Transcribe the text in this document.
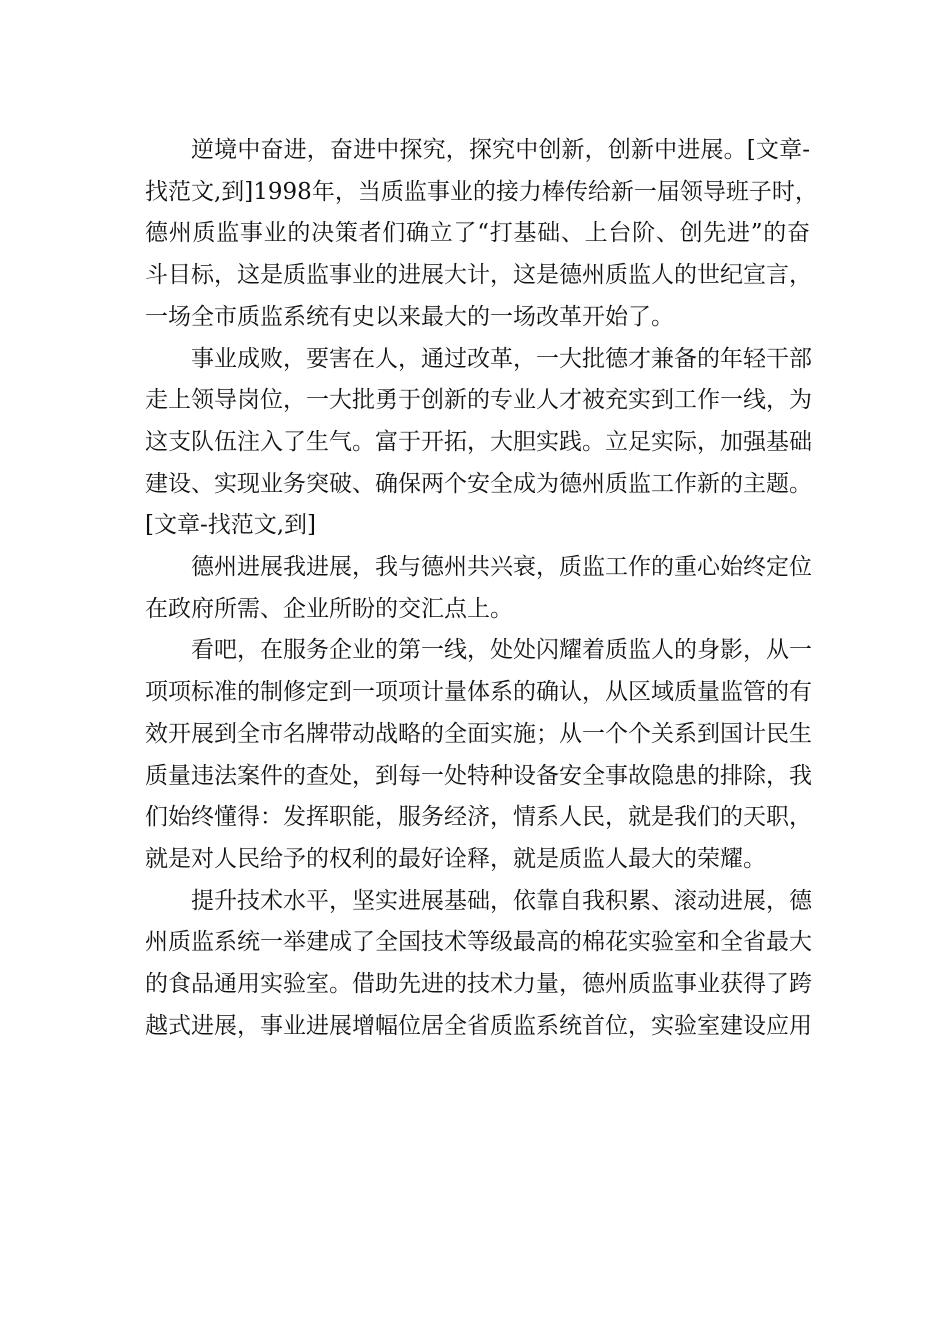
逆境中奋进，奋进中探究，探究中创新，创新中进展。[文章-
找范文,到]1998年，当质监事业的接力棒传给新一届领导班子时，
德州质监事业的决策者们确立了“打基础、上台阶、创先进”的奋
斗目标，这是质监事业的进展大计，这是德州质监人的世纪宣言，
一场全市质监系统有史以来最大的一场改革开始了。
事业成败，要害在人，通过改革，一大批德才兼备的年轻干部
走上领导岗位，一大批勇于创新的专业人才被充实到工作一线，为
这支队伍注入了生气。富于开拓，大胆实践。立足实际，加强基础
建设、实现业务突破、确保两个安全成为德州质监工作新的主题。
[文章-找范文,到]
德州进展我进展，我与德州共兴衰，质监工作的重心始终定位
在政府所需、企业所盼的交汇点上。
看吧，在服务企业的第一线，处处闪耀着质监人的身影，从一
项项标准的制修定到一项项计量体系的确认，从区域质量监管的有
效开展到全市名牌带动战略的全面实施；从一个个关系到国计民生
质量违法案件的查处，到每一处特种设备安全事故隐患的排除，我
们始终懂得：发挥职能，服务经济，情系人民，就是我们的天职，
就是对人民给予的权利的最好诠释，就是质监人最大的荣耀。
提升技术水平，坚实进展基础，依靠自我积累、滚动进展，德
州质监系统一举建成了全国技术等级最高的棉花实验室和全省最大
的食品通用实验室。借助先进的技术力量，德州质监事业获得了跨
越式进展，事业进展增幅位居全省质监系统首位，实验室建设应用
